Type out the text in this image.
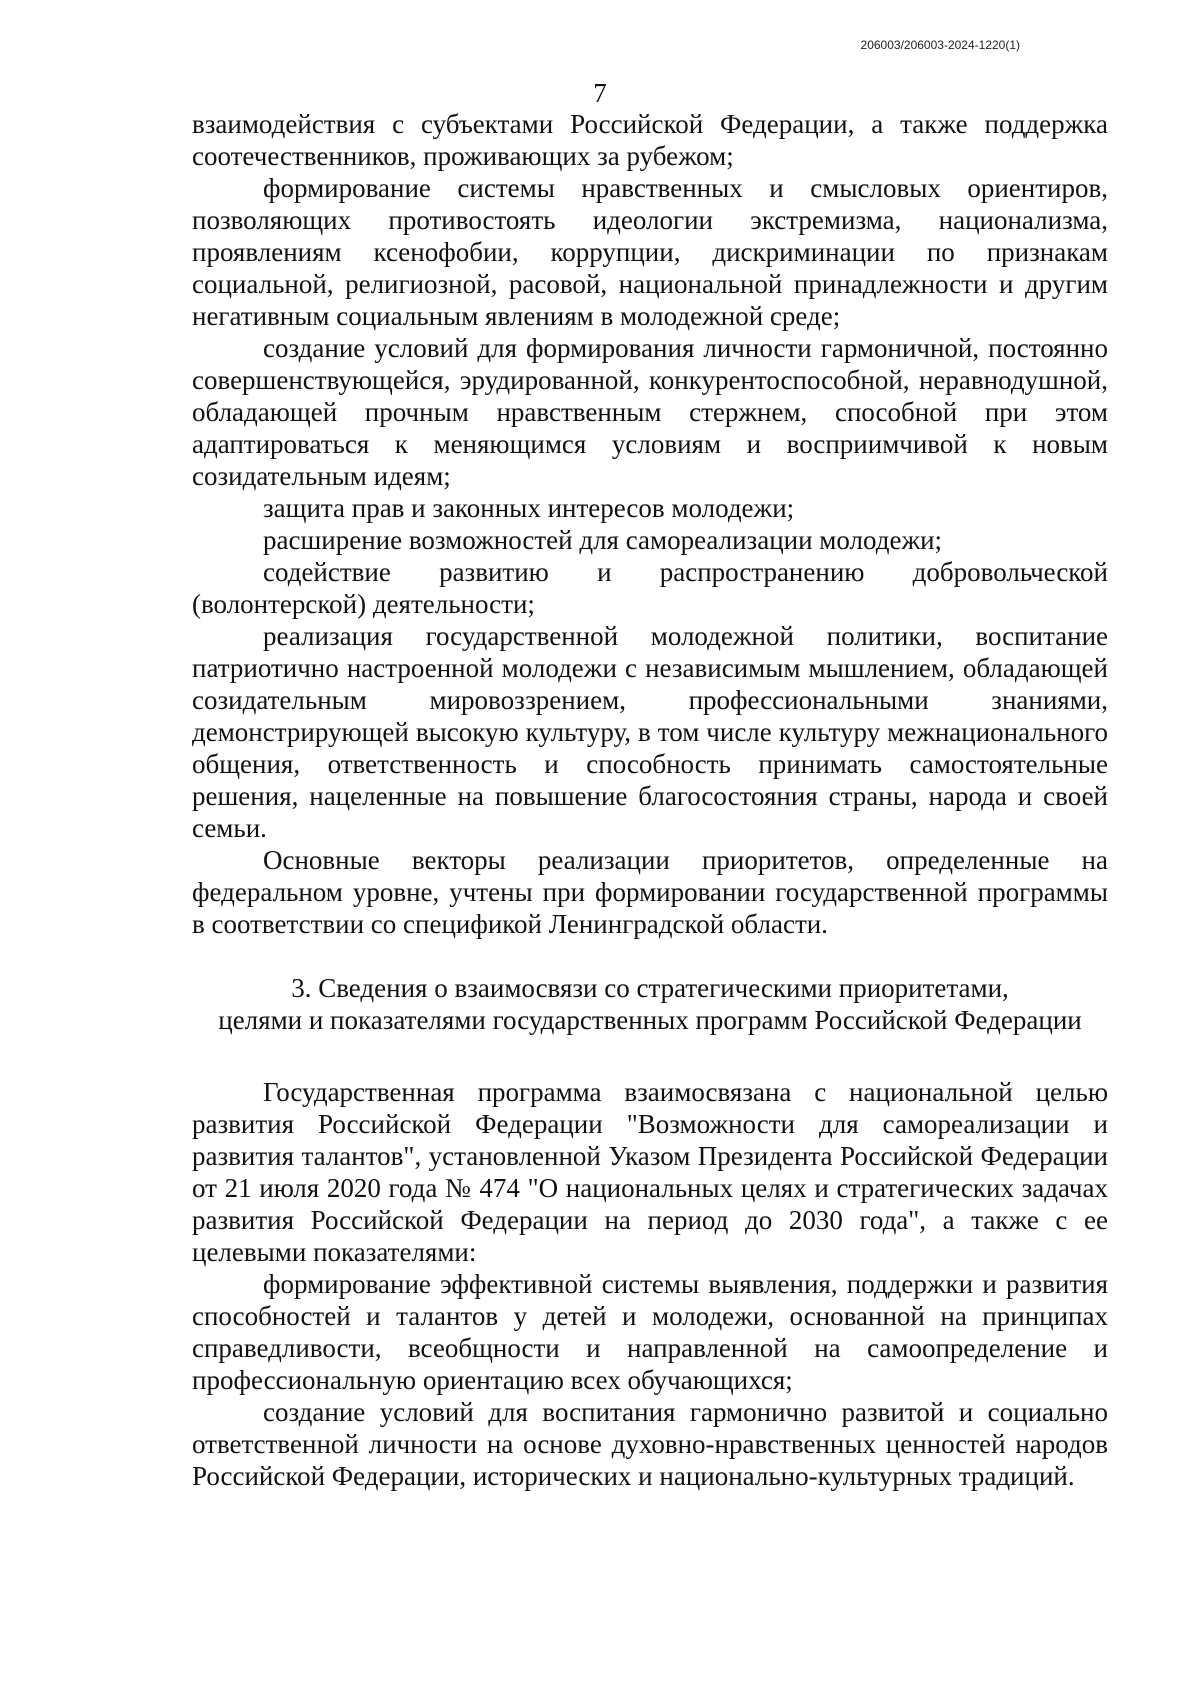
206003/206003-2024-1220(1)
7

взаимодействия с субъектами Российской Федерации, а также поддержка соотечественников, проживающих за рубежом;

формирование системы нравственных и смысловых ориентиров, позволяющих противостоять идеологии экстремизма, национализма, проявлениям ксенофобии, коррупции, дискриминации по признакам социальной, религиозной, расовой, национальной принадлежности и другим негативным социальным явлениям в молодежной среде;

создание условий для формирования личности гармоничной, постоянно совершенствующейся, эрудированной, конкурентоспособной, неравнодушной, обладающей прочным нравственным стержнем, способной при этом адаптироваться к меняющимся условиям и восприимчивой к новым созидательным идеям;

защита прав и законных интересов молодежи;

расширение возможностей для самореализации молодежи;

содействие развитию и распространению добровольческой (волонтерской) деятельности;

реализация государственной молодежной политики, воспитание патриотично настроенной молодежи с независимым мышлением, обладающей созидательным мировоззрением, профессиональными знаниями, демонстрирующей высокую культуру, в том числе культуру межнационального общения, ответственность и способность принимать самостоятельные решения, нацеленные на повышение благосостояния страны, народа и своей семьи.

Основные векторы реализации приоритетов, определенные на федеральном уровне, учтены при формировании государственной программы в соответствии со спецификой Ленинградской области.

3. Сведения о взаимосвязи со стратегическими приоритетами,
целями и показателями государственных программ Российской Федерации

Государственная программа взаимосвязана с национальной целью развития Российской Федерации "Возможности для самореализации и развития талантов", установленной Указом Президента Российской Федерации от 21 июля 2020 года № 474 "О национальных целях и стратегических задачах развития Российской Федерации на период до 2030 года", а также с ее целевыми показателями:

формирование эффективной системы выявления, поддержки и развития способностей и талантов у детей и молодежи, основанной на принципах справедливости, всеобщности и направленной на самоопределение и профессиональную ориентацию всех обучающихся;

создание условий для воспитания гармонично развитой и социально ответственной личности на основе духовно-нравственных ценностей народов Российской Федерации, исторических и национально-культурных традиций.
